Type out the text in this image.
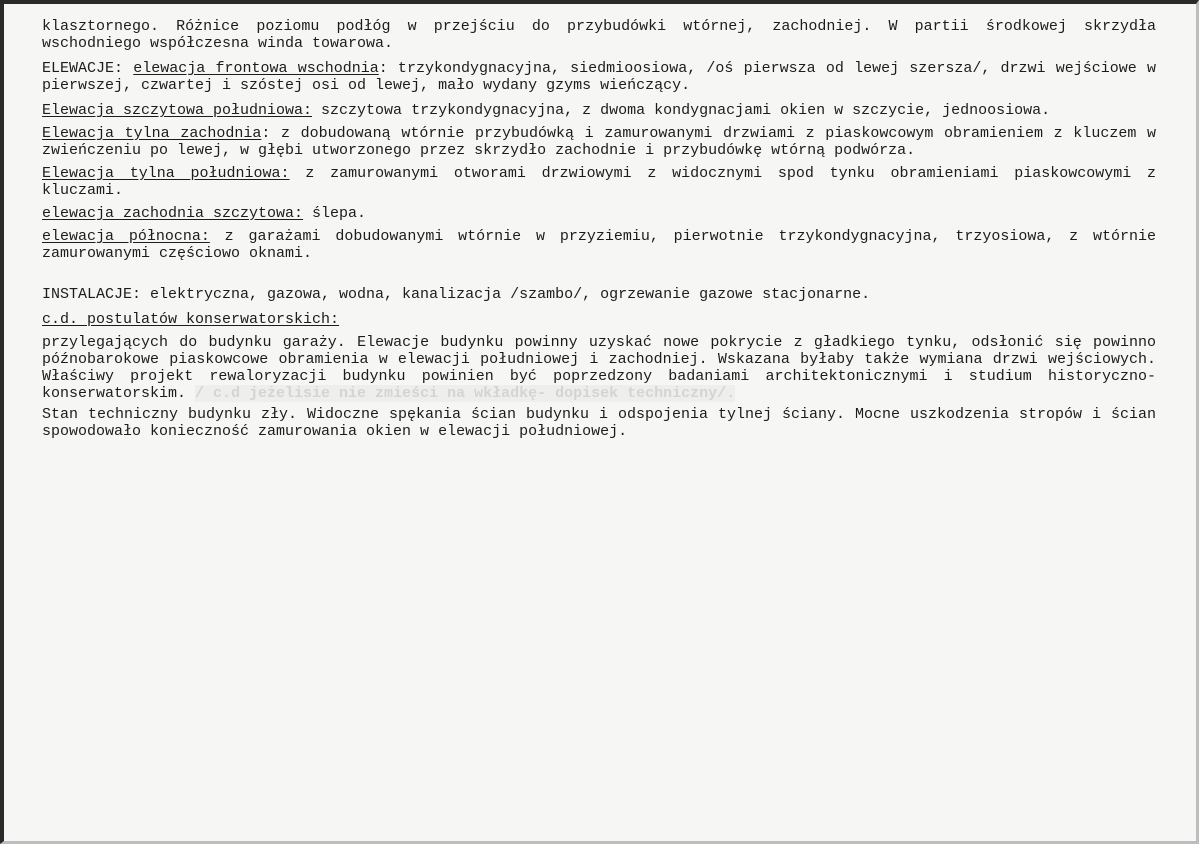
klasztornego. Różnice poziomu podłóg w przejściu do przybudówki wtórnej, zachodniej. W partii środkowej skrzydła wschodniego współczesna winda towarowa.

ELEWACJE: elewacja frontowa wschodnia: trzykondygnacyjna, siedmioosiowa, /oś pierwsza od lewej szersza/, drzwi wejściowe w pierwszej, czwartej i szóstej osi od lewej, mało wydany gzyms wieńczący.

Elewacja szczytowa południowa: szczytowa trzykondygnacyjna, z dwoma kondygnacjami okien w szczycie, jednoosiowa.

Elewacja tylna zachodnia: z dobudowaną wtórnie przybudówką i zamurowanymi drzwiami z piaskowcowym obramieniem z kluczem w zwieńczeniu po lewej, w głębi utworzonego przez skrzydło zachodnie i przybudówkę wtórną podwórza.

Elewacja tylna południowa: z zamurowanymi otworami drzwiowymi z widocznymi spod tynku obramieniami piaskowcowymi z kluczami.

elewacja zachodnia szczytowa: ślepa.

elewacja północna: z garażami dobudowanymi wtórnie w przyziemiu, pierwotnie trzykondygnacyjna, trzyosiowa, z wtórnie zamurowanymi częściowo oknami.

INSTALACJE: elektryczna, gazowa, wodna, kanalizacja /szambo/, ogrzewanie gazowe stacjonarne.

c.d. postulatów konserwatorskich:

przylegających do budynku garaży. Elewacje budynku powinny uzyskać nowe pokrycie z gładkiego tynku, odsłonić się powinno późnobarokowe piaskowcowe obramienia w elewacji południowej i zachodniej. Wskazana byłaby także wymiana drzwi wejściowych. Właściwy projekt rewaloryzacji budynku powinien być poprzedzony badaniami architektonicznymi i studium historyczno- konserwatorskim. / c.d jeżelisie nie zmieści na wkładkę- dopisek techniczny/.

Stan techniczny budynku zły. Widoczne spękania ścian budynku i odspojenia tylnej ściany. Mocne uszkodzenia stropów i ścian spowodowało konieczność zamurowania okien w elewacji południowej.
